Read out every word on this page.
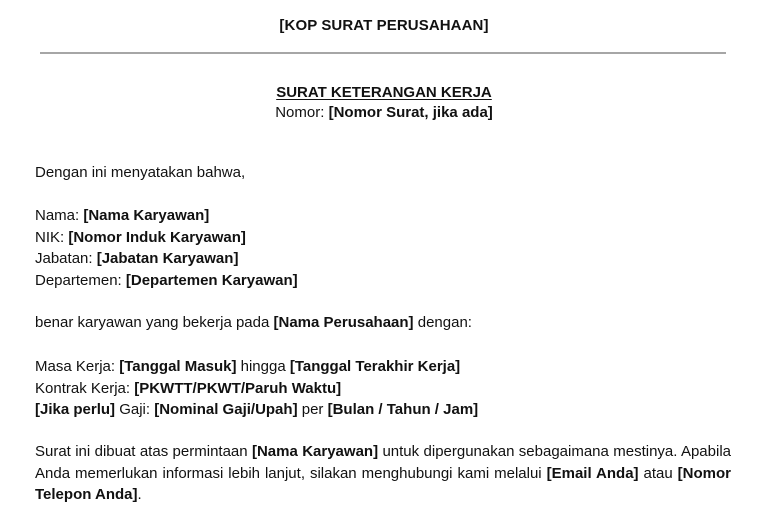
[KOP SURAT PERUSAHAAN]
SURAT KETERANGAN KERJA
Nomor: [Nomor Surat, jika ada]
Dengan ini menyatakan bahwa,
Nama: [Nama Karyawan]
NIK: [Nomor Induk Karyawan]
Jabatan: [Jabatan Karyawan]
Departemen: [Departemen Karyawan]
benar karyawan yang bekerja pada [Nama Perusahaan] dengan:
Masa Kerja: [Tanggal Masuk] hingga [Tanggal Terakhir Kerja]
Kontrak Kerja: [PKWTT/PKWT/Paruh Waktu]
[Jika perlu] Gaji: [Nominal Gaji/Upah] per [Bulan / Tahun / Jam]
Surat ini dibuat atas permintaan [Nama Karyawan] untuk dipergunakan sebagaimana mestinya. Apabila Anda memerlukan informasi lebih lanjut, silakan menghubungi kami melalui [Email Anda] atau [Nomor Telepon Anda].
